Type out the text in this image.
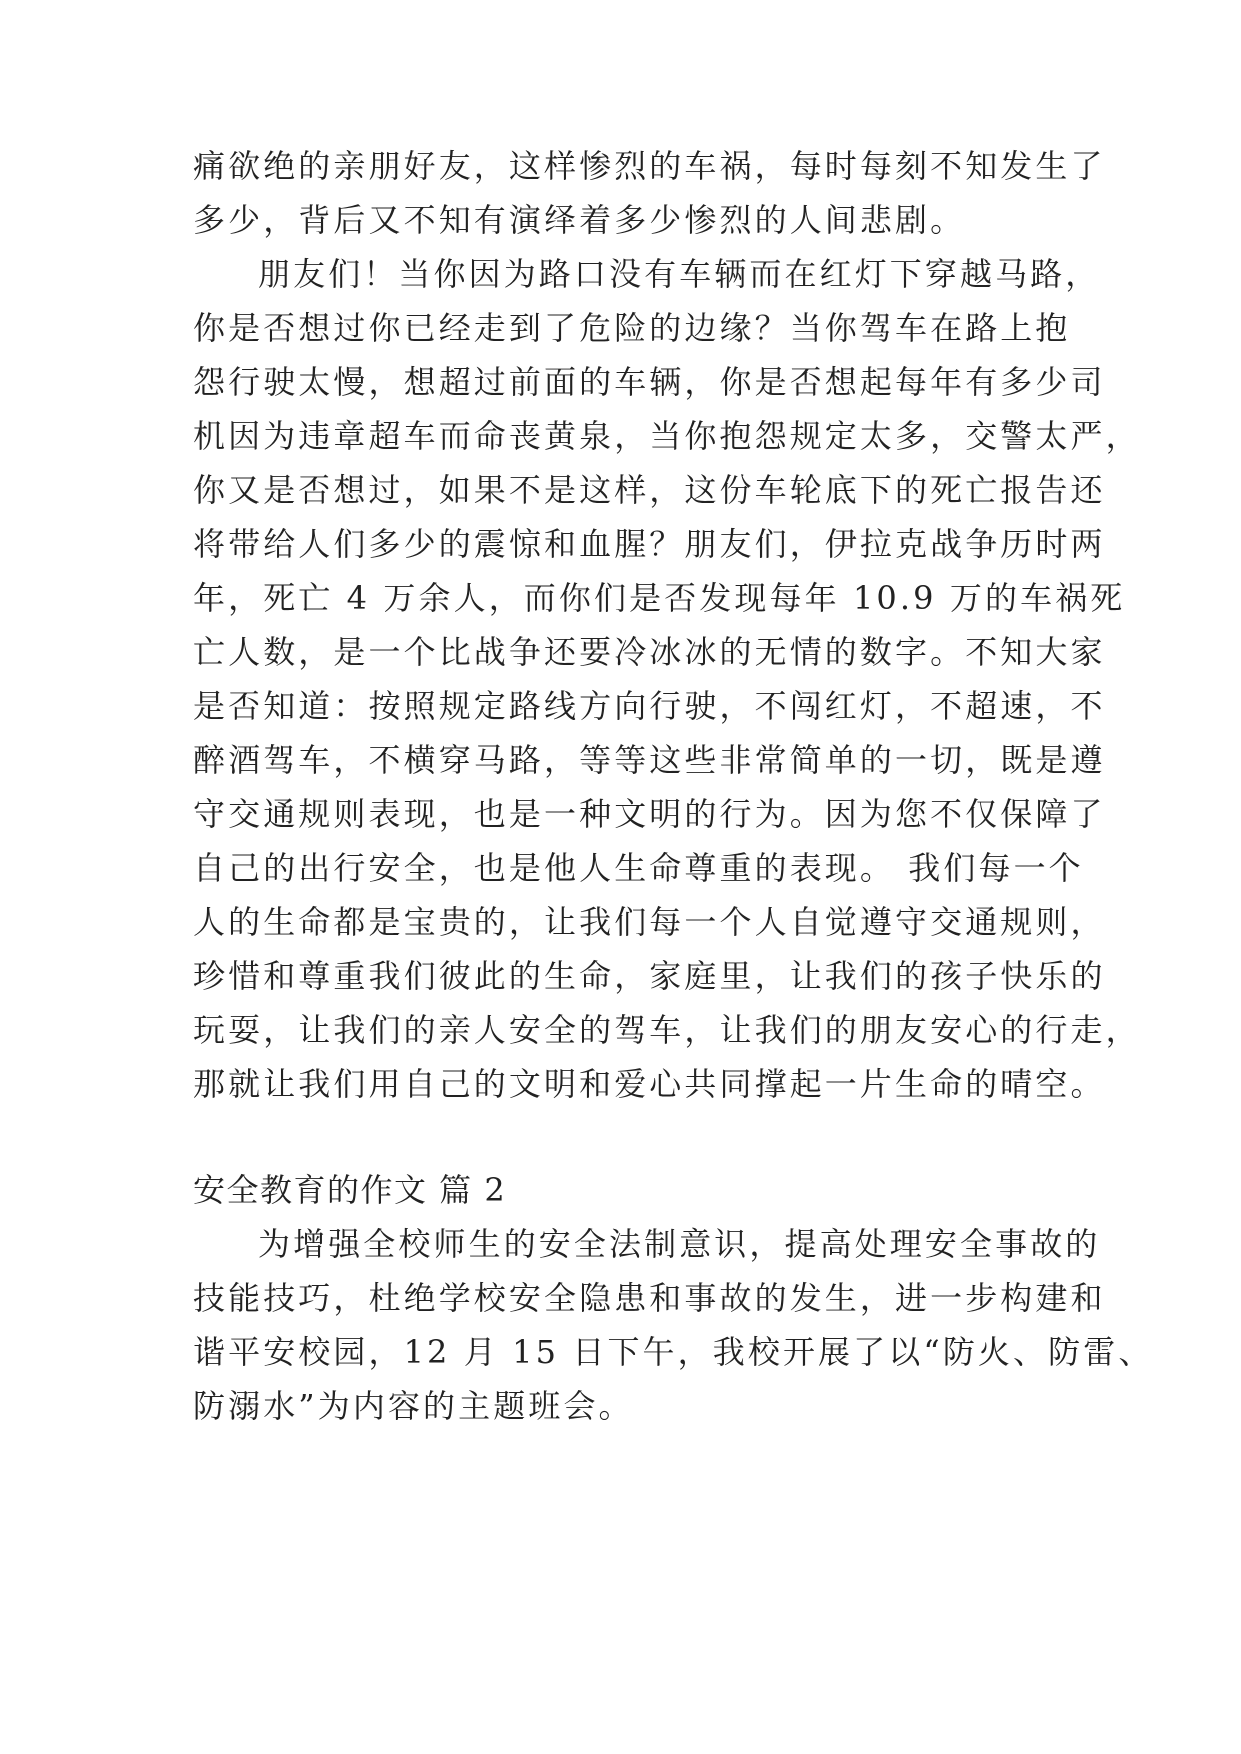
痛欲绝的亲朋好友，这样惨烈的车祸，每时每刻不知发生了
多少，背后又不知有演绎着多少惨烈的人间悲剧。
朋友们！当你因为路口没有车辆而在红灯下穿越马路，
你是否想过你已经走到了危险的边缘？当你驾车在路上抱
怨行驶太慢，想超过前面的车辆，你是否想起每年有多少司
机因为违章超车而命丧黄泉，当你抱怨规定太多，交警太严，
你又是否想过，如果不是这样，这份车轮底下的死亡报告还
将带给人们多少的震惊和血腥？朋友们，伊拉克战争历时两
年，死亡 4 万余人，而你们是否发现每年 10.9 万的车祸死
亡人数，是一个比战争还要冷冰冰的无情的数字。不知大家
是否知道：按照规定路线方向行驶，不闯红灯，不超速，不
醉酒驾车，不横穿马路，等等这些非常简单的一切，既是遵
守交通规则表现，也是一种文明的行为。因为您不仅保障了
自己的出行安全，也是他人生命尊重的表现。 我们每一个
人的生命都是宝贵的，让我们每一个人自觉遵守交通规则，
珍惜和尊重我们彼此的生命，家庭里，让我们的孩子快乐的
玩耍，让我们的亲人安全的驾车，让我们的朋友安心的行走，
那就让我们用自己的文明和爱心共同撑起一片生命的晴空。
安全教育的作文 篇 2
为增强全校师生的安全法制意识，提高处理安全事故的
技能技巧，杜绝学校安全隐患和事故的发生，进一步构建和
谐平安校园，12 月 15 日下午，我校开展了以“防火、防雷、
防溺水”为内容的主题班会。
